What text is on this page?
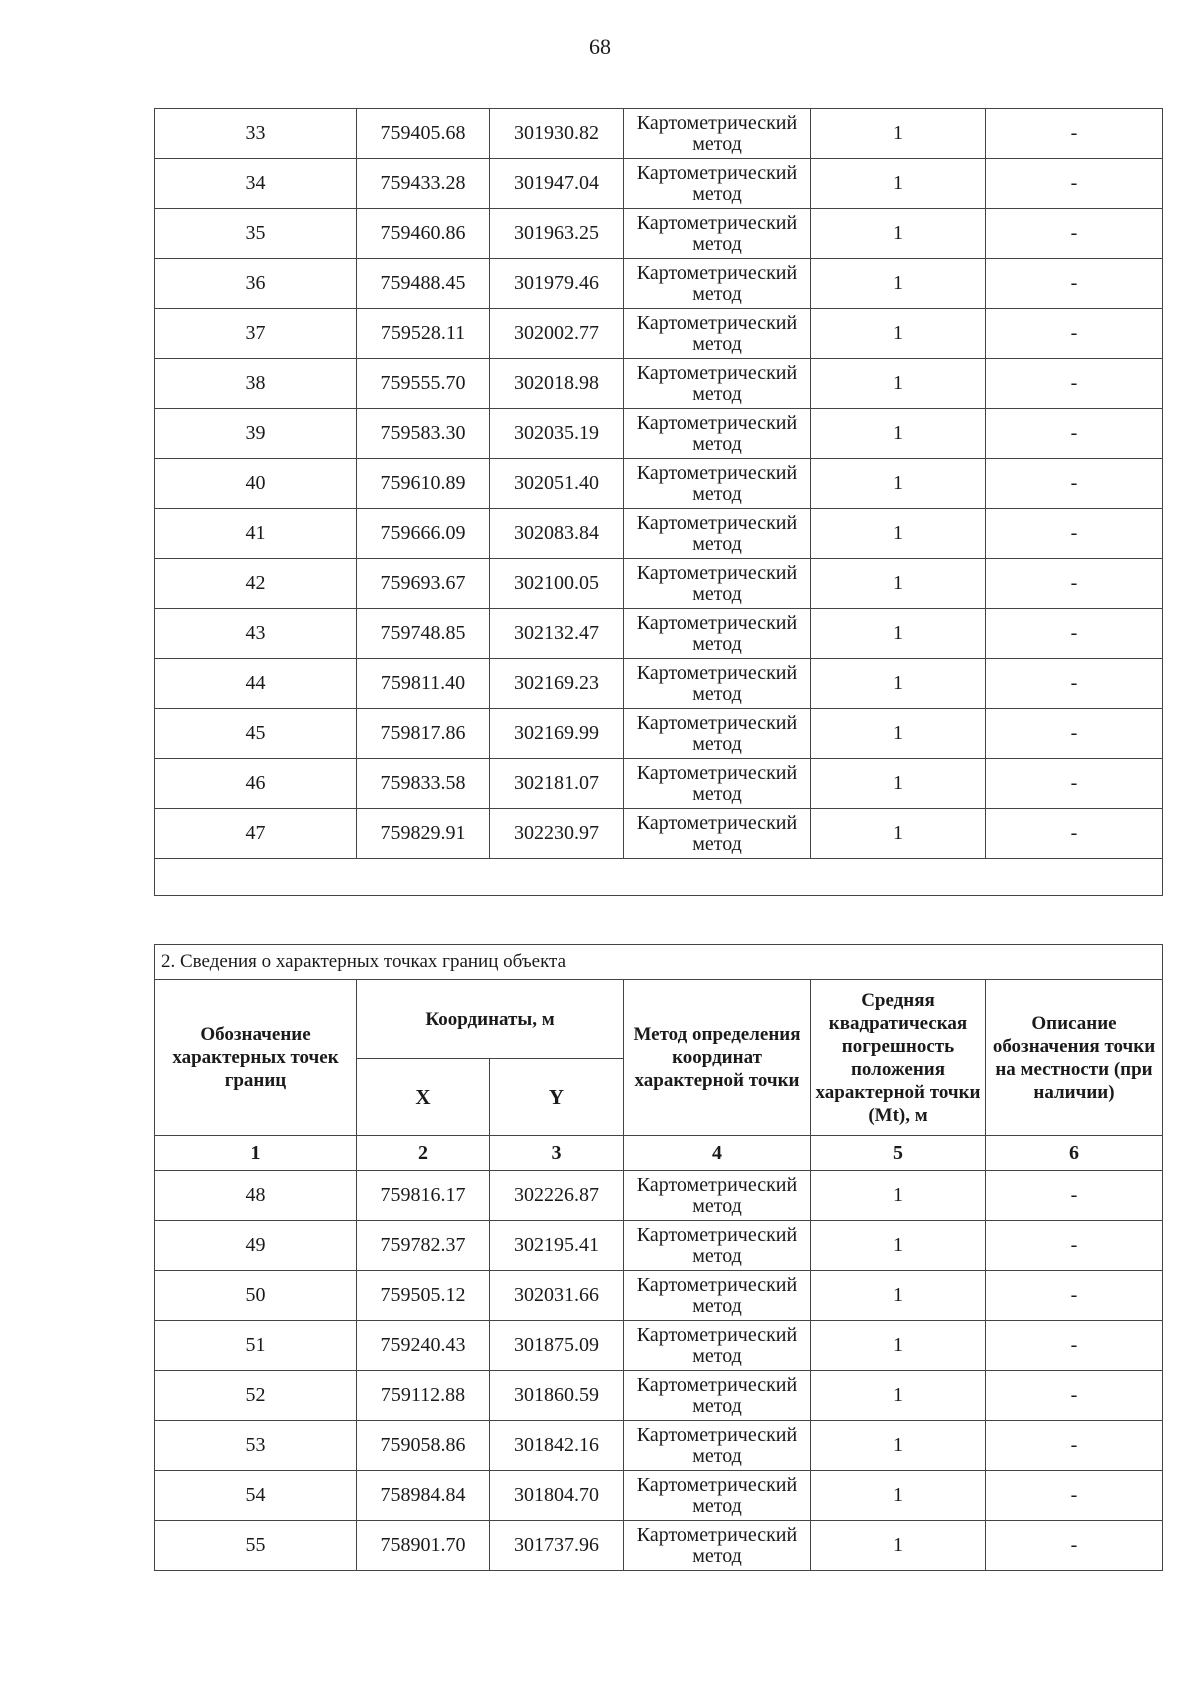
68
33	759405.68	301930.82	Картометрический метод	1	-
34	759433.28	301947.04	Картометрический метод	1	-
35	759460.86	301963.25	Картометрический метод	1	-
36	759488.45	301979.46	Картометрический метод	1	-
37	759528.11	302002.77	Картометрический метод	1	-
38	759555.70	302018.98	Картометрический метод	1	-
39	759583.30	302035.19	Картометрический метод	1	-
40	759610.89	302051.40	Картометрический метод	1	-
41	759666.09	302083.84	Картометрический метод	1	-
42	759693.67	302100.05	Картометрический метод	1	-
43	759748.85	302132.47	Картометрический метод	1	-
44	759811.40	302169.23	Картометрический метод	1	-
45	759817.86	302169.99	Картометрический метод	1	-
46	759833.58	302181.07	Картометрический метод	1	-
47	759829.91	302230.97	Картометрический метод	1	-

2. Сведения о характерных точках границ объекта					
Обозначение характерных точек границ	Координаты, м		Метод определения координат характерной точки	Средняя квадратическая погрешность положения характерной точки (Mt), м	Описание обозначения точки на местности (при наличии)
	X	Y			
1	2	3	4	5	6
48	759816.17	302226.87	Картометрический метод	1	-
49	759782.37	302195.41	Картометрический метод	1	-
50	759505.12	302031.66	Картометрический метод	1	-
51	759240.43	301875.09	Картометрический метод	1	-
52	759112.88	301860.59	Картометрический метод	1	-
53	759058.86	301842.16	Картометрический метод	1	-
54	758984.84	301804.70	Картометрический метод	1	-
55	758901.70	301737.96	Картометрический метод	1	-
